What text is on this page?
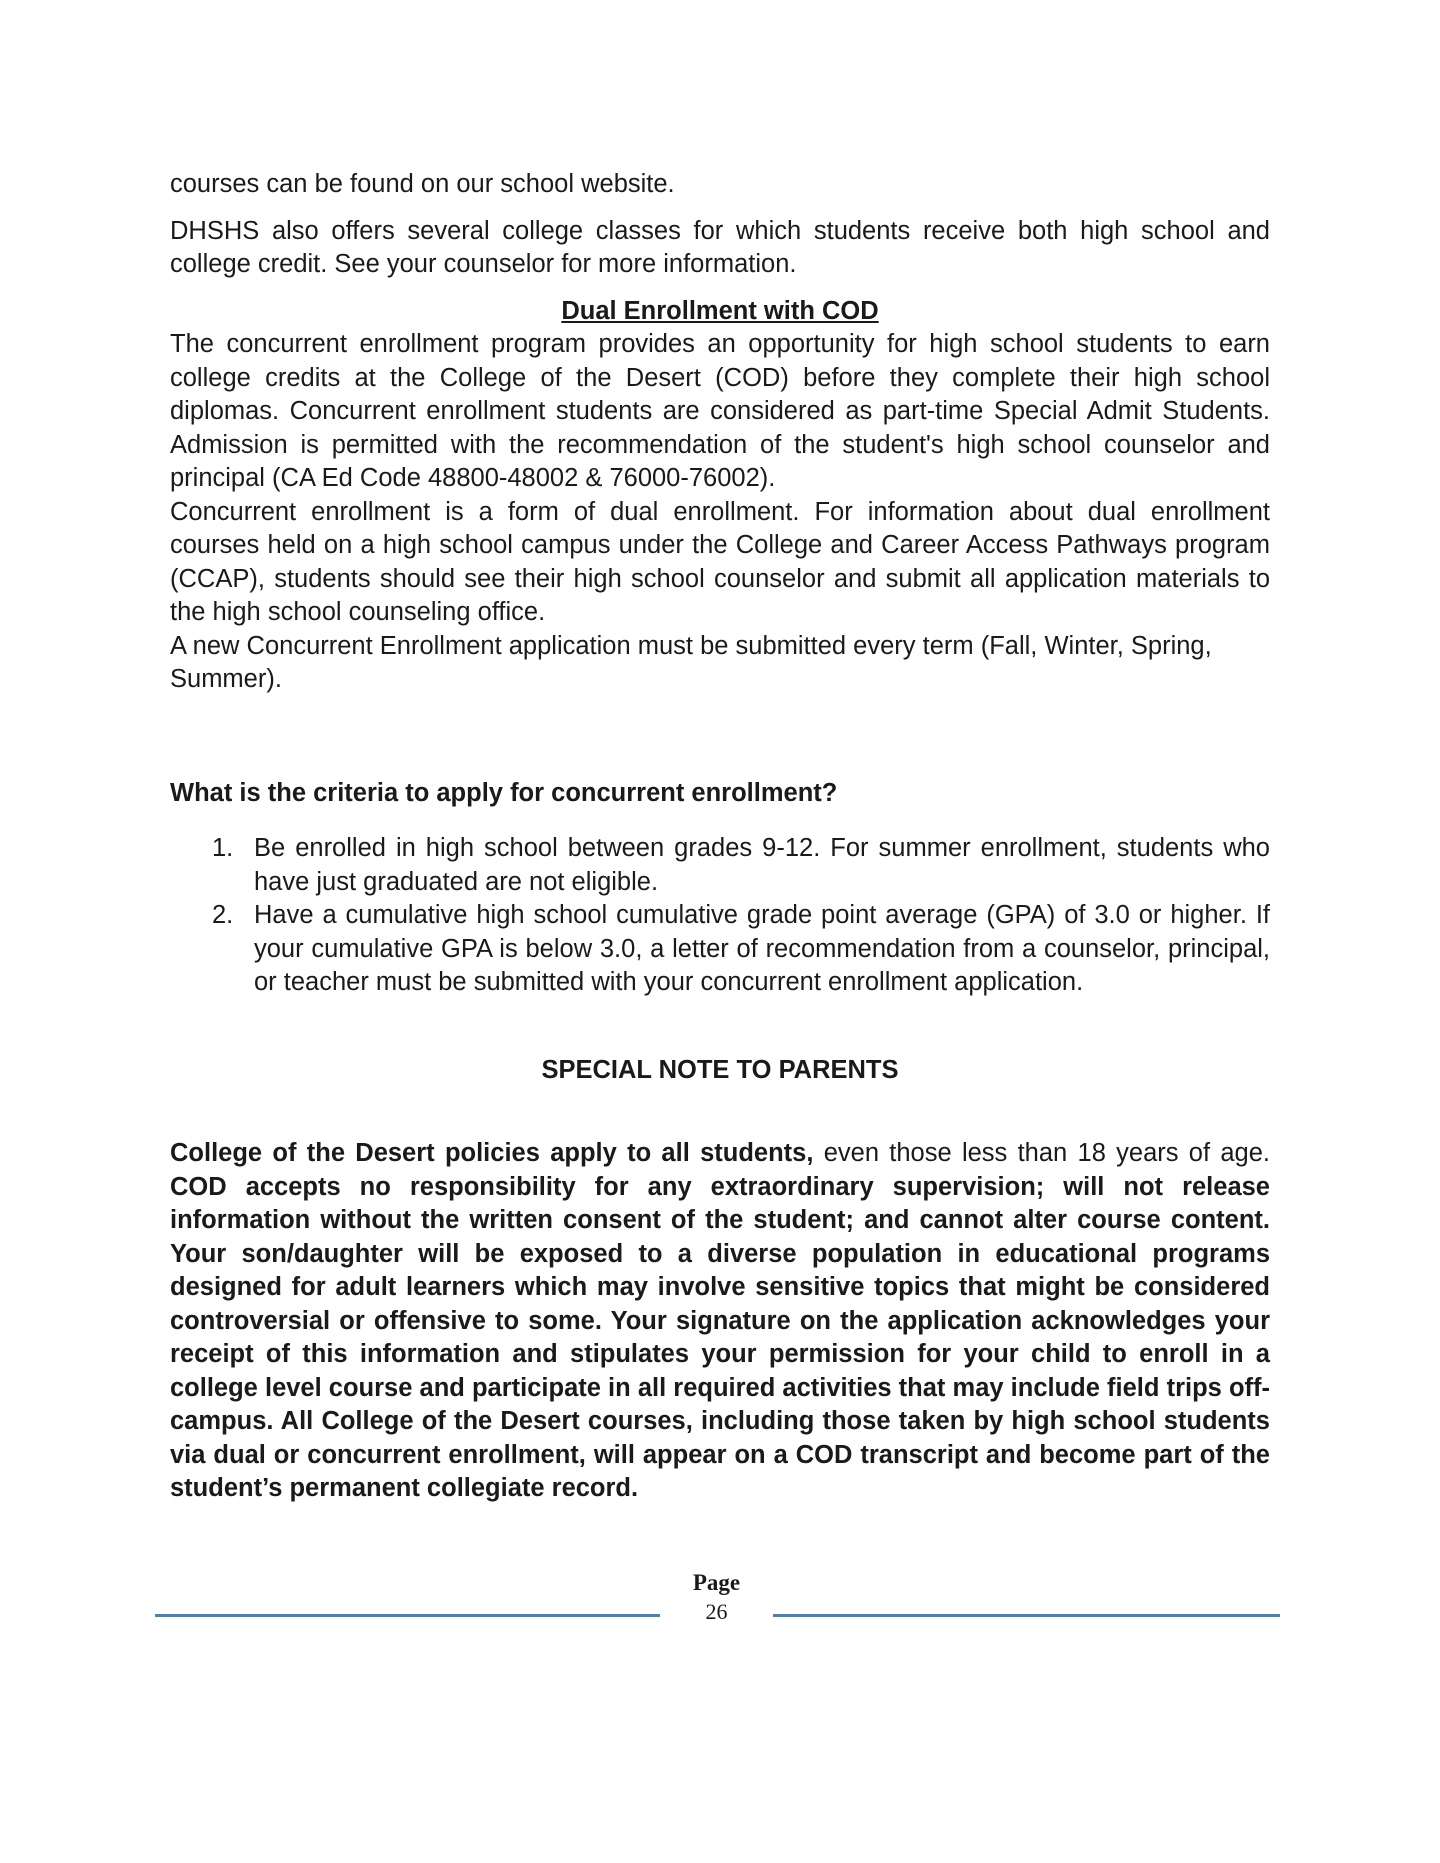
courses can be found on our school website.

DHSHS also offers several college classes for which students receive both high school and college credit. See your counselor for more information.

Dual Enrollment with COD

The concurrent enrollment program provides an opportunity for high school students to earn college credits at the College of the Desert (COD) before they complete their high school diplomas. Concurrent enrollment students are considered as part-time Special Admit Students. Admission is permitted with the recommendation of the student's high school counselor and principal (CA Ed Code 48800-48002 & 76000-76002).

Concurrent enrollment is a form of dual enrollment. For information about dual enrollment courses held on a high school campus under the College and Career Access Pathways program (CCAP), students should see their high school counselor and submit all application materials to the high school counseling office.

A new Concurrent Enrollment application must be submitted every term (Fall, Winter, Spring, Summer).

What is the criteria to apply for concurrent enrollment?

1. Be enrolled in high school between grades 9-12. For summer enrollment, students who have just graduated are not eligible.
2. Have a cumulative high school cumulative grade point average (GPA) of 3.0 or higher. If your cumulative GPA is below 3.0, a letter of recommendation from a counselor, principal, or teacher must be submitted with your concurrent enrollment application.

SPECIAL NOTE TO PARENTS

College of the Desert policies apply to all students, even those less than 18 years of age. COD accepts no responsibility for any extraordinary supervision; will not release information without the written consent of the student; and cannot alter course content. Your son/daughter will be exposed to a diverse population in educational programs designed for adult learners which may involve sensitive topics that might be considered controversial or offensive to some. Your signature on the application acknowledges your receipt of this information and stipulates your permission for your child to enroll in a college level course and participate in all required activities that may include field trips off-campus. All College of the Desert courses, including those taken by high school students via dual or concurrent enrollment, will appear on a COD transcript and become part of the student’s permanent collegiate record.

Page
26
